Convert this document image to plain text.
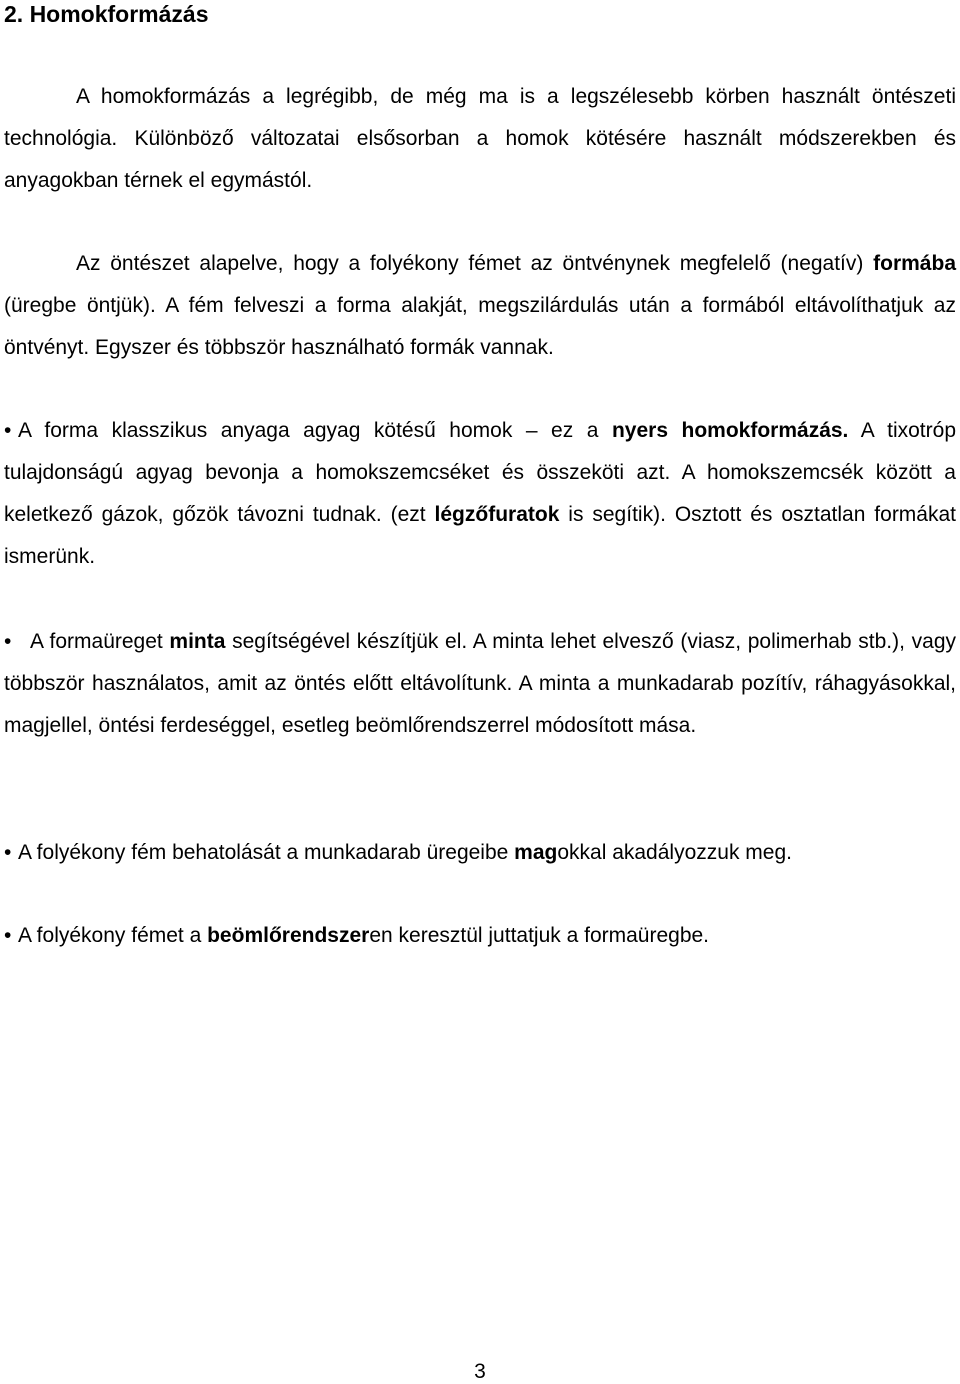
2. Homokformázás

A homokformázás a legrégibb, de még ma is a legszélesebb körben használt öntészeti technológia. Különböző változatai elsősorban a homok kötésére használt módszerekben és anyagokban térnek el egymástól.

Az öntészet alapelve, hogy a folyékony fémet az öntvénynek megfelelő (negatív) formába (üregbe öntjük). A fém felveszi a forma alakját, megszilárdulás után a formából eltávolíthatjuk az öntvényt. Egyszer és többször használható formák vannak.

• A forma klasszikus anyaga agyag kötésű homok – ez a nyers homokformázás. A tixotróp tulajdonságú agyag bevonja a homokszemcséket és összeköti azt. A homokszemcsék között a keletkező gázok, gőzök távozni tudnak. (ezt légzőfuratok is segítik). Osztott és osztatlan formákat ismerünk.

• A formaüreget minta segítségével készítjük el. A minta lehet elvesző (viasz, polimerhab stb.), vagy többször használatos, amit az öntés előtt eltávolítunk. A minta a munkadarab pozítív, ráhagyásokkal, magjellel, öntési ferdeséggel, esetleg beömlőrendszerrel módosított mása.

• A folyékony fém behatolását a munkadarab üregeibe magokkal akadályozzuk meg.

• A folyékony fémet a beömlőrendszeren keresztül juttatjuk a formaüregbe.

3
